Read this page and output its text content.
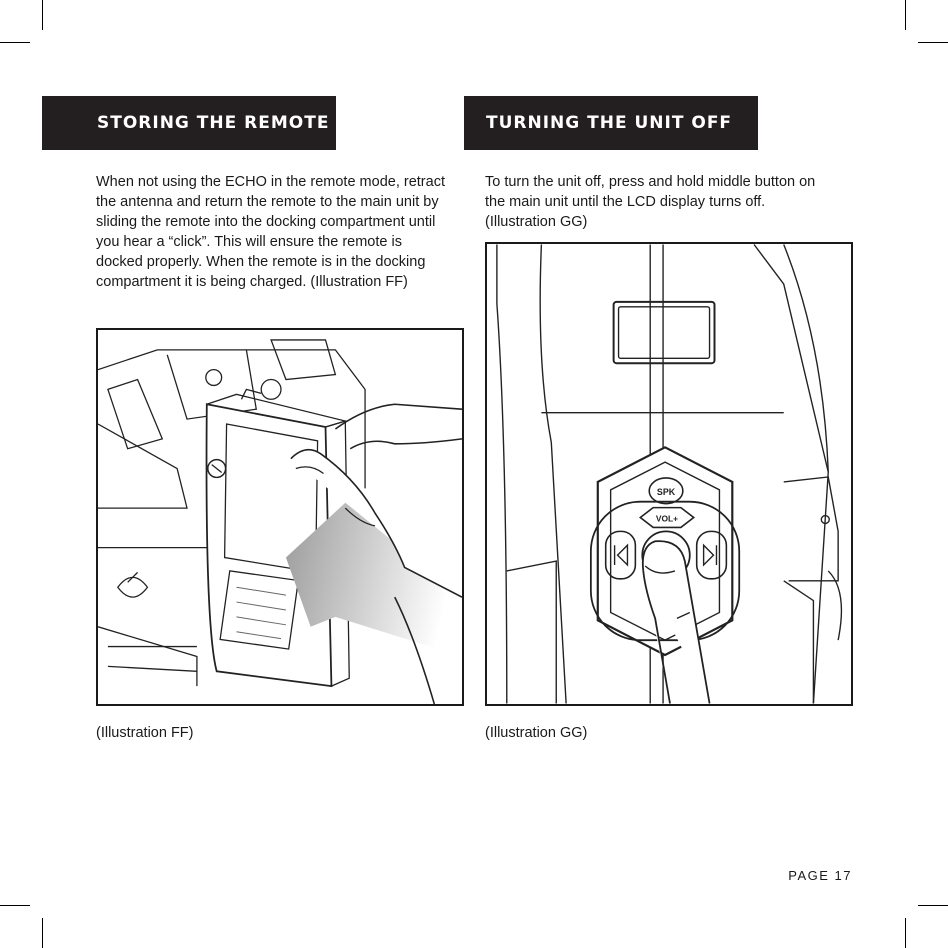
STORING THE REMOTE
When not using the ECHO in the remote mode, retract the antenna and return the remote to the main unit by sliding the remote into the docking compartment until you hear a “click”. This will ensure the remote is docked properly. When the remote is in the docking compartment it is being charged. (Illustration FF)
(Illustration FF)
TURNING THE UNIT OFF
To turn the unit off, press and hold middle button on the main unit until the LCD display turns off. (Illustration GG)
SPK
VOL+
(Illustration GG)
PAGE 17
